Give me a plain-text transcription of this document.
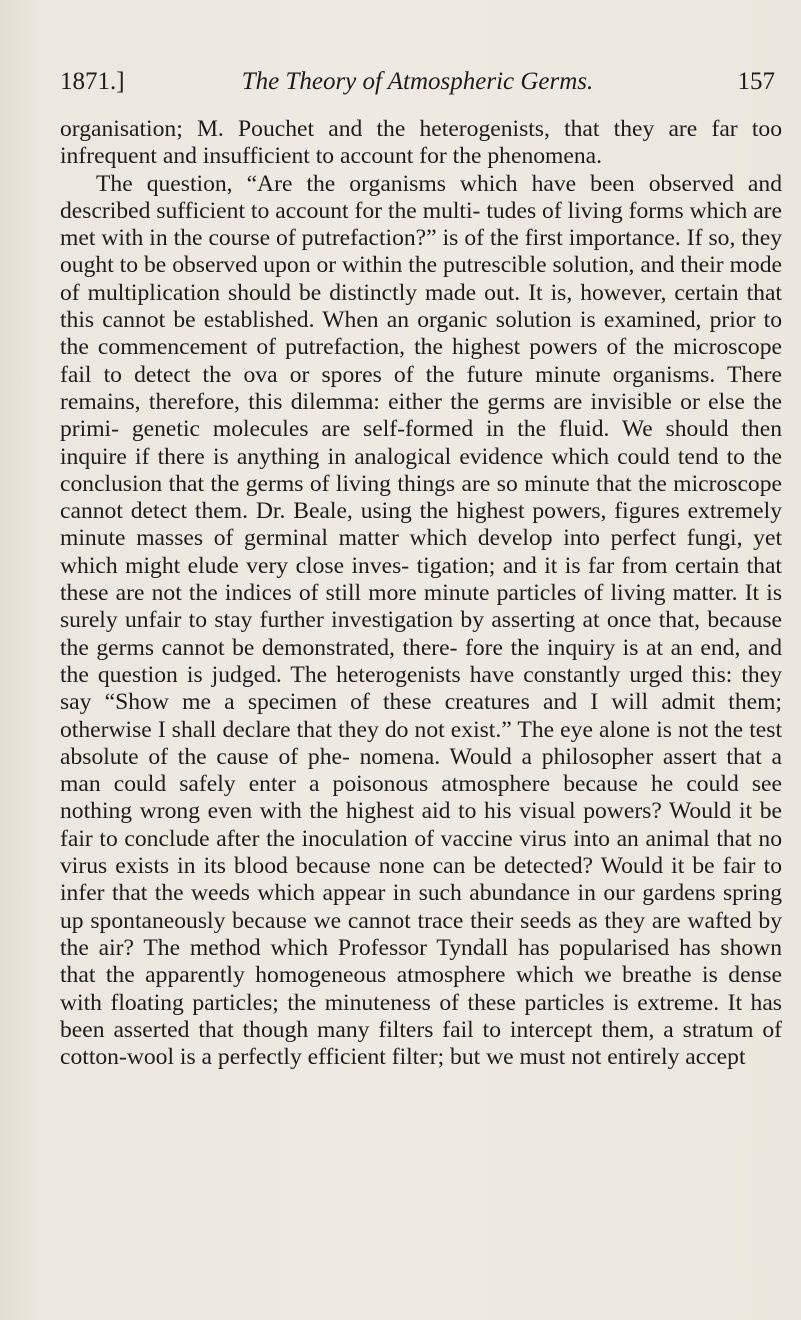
1871.]	The Theory of Atmospheric Germs.	157

organisation; M. Pouchet and the heterogenists, that they are far too infrequent and insufficient to account for the phenomena.

The question, “Are the organisms which have been observed and described sufficient to account for the multi- tudes of living forms which are met with in the course of putrefaction?” is of the first importance. If so, they ought to be observed upon or within the putrescible solution, and their mode of multiplication should be distinctly made out. It is, however, certain that this cannot be established. When an organic solution is examined, prior to the commencement of putrefaction, the highest powers of the microscope fail to detect the ova or spores of the future minute organisms. There remains, therefore, this dilemma: either the germs are invisible or else the primi- genetic molecules are self-formed in the fluid. We should then inquire if there is anything in analogical evidence which could tend to the conclusion that the germs of living things are so minute that the microscope cannot detect them. Dr. Beale, using the highest powers, figures extremely minute masses of germinal matter which develop into perfect fungi, yet which might elude very close inves- tigation; and it is far from certain that these are not the indices of still more minute particles of living matter. It is surely unfair to stay further investigation by asserting at once that, because the germs cannot be demonstrated, there- fore the inquiry is at an end, and the question is judged. The heterogenists have constantly urged this: they say “Show me a specimen of these creatures and I will admit them; otherwise I shall declare that they do not exist.” The eye alone is not the test absolute of the cause of phe- nomena. Would a philosopher assert that a man could safely enter a poisonous atmosphere because he could see nothing wrong even with the highest aid to his visual powers? Would it be fair to conclude after the inoculation of vaccine virus into an animal that no virus exists in its blood because none can be detected? Would it be fair to infer that the weeds which appear in such abundance in our gardens spring up spontaneously because we cannot trace their seeds as they are wafted by the air? The method which Professor Tyndall has popularised has shown that the apparently homogeneous atmosphere which we breathe is dense with floating particles; the minuteness of these particles is extreme. It has been asserted that though many filters fail to intercept them, a stratum of cotton-wool is a perfectly efficient filter; but we must not entirely accept
